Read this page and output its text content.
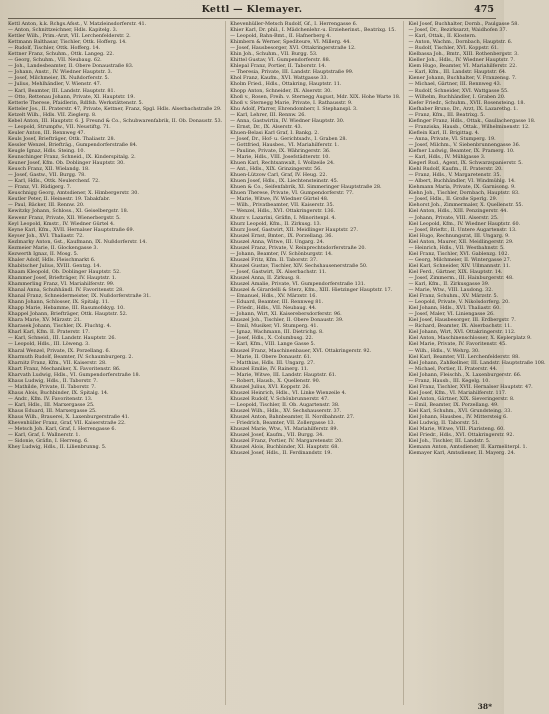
Kettl — Klemayer.	475
Kettl Anton, k.k. Rchgs.Afsst., V. Matzleinsdorferstr. 41.
— Anton, Schnittzeichner, Hdls. Kapitelg. 3.
Kettler Wilh., Prim.-Arzt, VII. Lerchenfelderstr. 2.
Kettmann Balthasar, Tischler, Ottk. Hofferg. 14.
— Rudolf, Tischler, Ottk. Hofferg. 14.
Kettner Franz, Schuhm., Ottk. Langeg. 22.
— Georg, Schuhm., VII. Neubaug. 62.
— Joh., Landesbeamter, II. Obere Donaustraße 83.
— Johann, Anstr., IV. Wiedner Hauptstr. 3.
— Josef, Milchmeier, IX. Nußdorferstr. 5.
— Julius, Mehlhändler, V. Wienstr. 47.
— Karl, Beamter, III. Landstr. Hauptstr. 81.
— Otto, Rettenau Johann, Private, XI. Hauptstr. 19.
Ketterle Therese, Pfaidlerin, Rdlfsh. Werkstättenstr. 5.
Ketteler Jos., II. Praterstr. 47, Private, Kettner, Franz, Spgl. Hdls. Alserbachstraße 29.
Ketzelt Wilh., Hdls. VII. Zieglerg. 8.
Kebel Anton, III. Hauptstr. 6. J. Freund & Co., Schubwarenfabrik, II. Ob. Donaustr. 53.
— Leopold, Strumpfw., VII. Neustiftg. 71.
Keuler Anton, III. Rennweg 47.
Keuls Josef, Briefträger, Ottk. Thaliastr. 28.
Kessler Wenzel, Briefträg., Gumpendorferstraße 84.
Keugle Ignaz, Hdls. Steing. 10.
Keunschinger Franz, Schneid., IX. Kinderspitalg. 2.
Keuner Josef, Kfm. Ob. Doblinger Hauptstr. 30.
Keusch Franz, XII. Wielandg. 18.
— Josef, Gastw., VII. Burgg. 78.
— Karl, Hdls., Ottk. Neulerchenf. 72.
— Franz, VI. Rüdigerg. 7.
Keuschnigg Georg, Amtsdiener, X. Himbergerstr. 30.
Keutler Peter, II. Heinestr. 19. Tabakfabr.
— Paul, Bäcker, III. Rennw. 20.
Kewitzky Johann, Schloss., XI. Geiselbergstr. 18.
Kewenr Franz, Private, XII. Wienerbergstr. 5.
Keyl Leopold, Kmstr., IV. Wiedner Gürtel 4.
Keyne Karl, Kfm., XVII. Hernalser Hauptstraße 69.
Keyser Joh., XVI. Thaliastr. 72.
Kezlmarky Anton, Gst., Kaufmann, IX. Nußdorferstr. 14.
Kezmeier Marie, II. Glockengasse 3.
Kezwerth Ignaz, II. Mosg. 5.
Khaler Adolf, Hdls. Fleischmarkt 6.
Khabitscher Julius, XVIII. Gentzg. 14.
Khaam Kleopold, Ob. Doblinger Hauptstr. 52.
Khammer Josef, Briefträger, IV. Hauptstr. 1.
Khammerling Franz, VI. Mariahilferstr. 99.
Khanal Anna, Schuhhändl. IV. Favoritenstr. 28.
Khanal Franz, Schneidermeister, IX. Nußdorferstraße 31.
Khann Johann, Schlosser, IX. Spitalg. 11.
Khapp Marie, Hebamme, III. Rasumofskyg. 10.
Khappel Johann, Briefträger, Ottk. Hauptstr. 52.
Khara Marie, XV. Märzstr. 21.
Kharasek Johann, Tischler, IX. Fluchtg. 4.
Kharl Karl, Kfm. II. Praterstr. 17.
— Karl, Schneid., III. Landstr. Hauptstr. 26.
— Leopold, Hdls., III. Löweng. 3.
Kharal Wenzel, Private, IX. Porzellang. 6.
Kharmuth Rudolf, Beamter, IV. Schaumburgerg. 2.
Kharnitz Franz, Kfm., VII. Kaiserstr. 28.
Khart Franz, Mechaniker, X. Favoritenstr. 86.
Kharvath Ludwig, Hdls., VI. Gumpendorferstraße 18.
Khaus Ludwig, Hdls., II. Taborstr. 7.
— Mathilde, Private, II. Taborstr. 7.
Khaus Alois, Buchbinder, IX. Spitalg. 14.
— Andr., Kfm. IV. Favoritenstr. 13.
— Karl, Hdls., III. Marxergasse 25.
Khaus Eduard, III. Marxergasse 25.
Khaus Wilh., Brauerei, X. Laxenburgerstraße 41.
Khevenhüller Franz, Graf, VII. Kaiserstraße 22.
— Metsch Joh. Karl, Graf, I. Herrengasse 6.
— Karl, Graf, I. Wallnerstr. 1.
— Sidonie, Gräfin, I. Herreng. 6.
Khey Ludwig, Hdls., II. Lilienbrunng. 5.
Khevenhüller-Metsch Rudolf, Gf., I. Herrengasse 6.
Khier Karl, Dr. phil., I. Mädchenlehr.-u. Erzieherinst., Beatrixg. 15.
— Leopold, Bahn-Bmt., II. Hafnerberg 4.
Khimbern & Werner, Spediteure, VI. Millerg. 44.
— Josef, Hausbesorger, XVI. Ottakringerstraße 12.
Khin Joh., Schuhm., VII. Burgg. 53.
Khittel Gustav, VI. Gumpendorferstr. 88.
Khlepal Franz, Portier, II. Taborstr. 14.
— Theresia, Private, III. Landstr. Hauptstraße 99.
Khol Franz, Kaufm., XVI. Wattgasse 33.
Kholm Fried., Hdls., Ottakring, Hauptstr. 11.
Khopp Anton, Schneider, IX. Alserstr. 30.
Khoß v., Rosen, Freih. v. Sternegg August, Mdr. XIX. Hohe Warte 18.
Khoß v. Sternegg Marie, Private, I. Rathausstr. 9.
Khu Adolf, Pfarrer, Ehrendomherr, I. Stephanspl. 3.
— Karl, Lehrer, III. Rennw. 26.
— Anna, Gastwirtin, IV. Wiedner Hauptstr. 30.
— Ernst, Dr., IX. Alserstr. 43.
Khuen-Belasi Karl Graf, I. Bankg. 2.
— Josef, Dr., Hof- u. Gerichtsadv., I. Graben 28.
— Gottfried, Hausbes., VI. Mariahilferstr. 1.
— Pauline, Private, IX. Währingerstr. 36.
— Marie, Hdls., VIII. Josefstädterstr. 10.
Khuen Karl, Rechtsanwalt, I. Wollzeile 24.
— Ant., Hdls., XIX. Grinzingerstr. 56.
Khuen-Lützow Carl, Graf, IV. Heug. 22.
Khuen Josef, Hdls., IX. Liechtensteinstr. 45.
Khuen & Co., Seifenfabrik, XI. Simmeringer Hauptstraße 28.
Khuen Therese, Private, VI. Gumpendorferstr. 77.
— Marie, Witwe, IV. Wiedner Gürtel 48.
— Wilh., Privatbeamter, VII. Kaiserstr. 35.
— Wenzel, Hdls., XVI. Ottakringerstr. 136.
Khurz v. Lazarini, Gräfin, I. Minoritenpl. 4.
Khurz Leopold, Kfm., II. Zirkusg. 13.
Khurz Josef, Gastwirt, XII. Meidlinger Hauptstr. 27.
Khuszel Ernst, Bmter., IX. Porzellang. 36.
Khuszel Anna, Witwe, III. Ungarg. 24.
Khuszel Franz, Private, V. Reinprechtsdorferstraße 20.
— Johann, Beamter, IV. Schönburgstr. 14.
Khuszel Fritz, Kfm. II. Taborstr. 37.
Khuszel Gustav, Tischler, XIV. Sechshausenerstraße 50.
— Josef, Gastwirt, IX. Alserbachstr. 11.
Khuszel Anna, II. Zirkusg. 8.
Khuszel Amalie, Private, VI. Gumpendorferstraße 131.
Khuszel & Girardelli & Sterz, Kfm., XIII. Hietzinger Hauptstr. 17.
— Emanuel, Hdls., XV. Märzstr. 16.
— Eduard, Beamter, III. Rennweg 81.
— Friedr., Hdls., VII. Neubaug. 44.
— Johann, Wirt, XI. Kaiserebersdorferstr. 96.
Khuszel Joh., Tischler, II. Obere Donaustr. 39.
— Emil, Musiker, VI. Stumperg. 41.
— Ignaz, Wachmann, III. Dietrichg. 8.
— Josef, Hdls., X. Columbusg. 22.
— Karl, Kfm., VIII. Lange Gasse 5.
Khuszel Franz, Maschinenbauer, XVI. Ottakringerstr. 92.
— Marie, II. Obere Donaustr. 61.
— Matthias, Hdls. III. Ungarg. 27.
Khuszel Emilie, IV. Rainerg. 11.
— Marie, Witwe, III. Landstr. Hauptstr. 61.
— Robert, Hausb., X. Quellenstr. 90.
Khuszel Julius, XVI. Koppstr. 26.
Khuszel Heinrich, Hdls., VI. Linke Wienzeile 4.
Khuszel Rudolf, V. Schönbrunnerstr. 47.
— Leopold, Tischler, II. Ob. Augartenstr. 38.
Khuszel Wilh., Hdls., XV. Sechshauserstr. 37.
Khuszel Anton, Bahnbeamter, II. Nordbahnstr. 27.
— Friedrich, Beamter, VII. Zollergasse 13.
Khuszel Marie, Wtw., VI. Mariahilferstr. 89.
Khuszel Josef, Kaufm., VII. Burgg. 34.
Khuszel Franz, Portier, IV. Margaretenstr. 20.
Khuszel Alois, Buchbinder, XI. Hauptstr. 68.
Khuszel Josef, Hdls., II. Ferdinandstr. 19.
Kiel Josef, Buchhalter, Dornb., Paulgasse 58.
— Josef, Dr., Bezirksarzt, Waidhofen 37.
— Karl, Ottak., II. Klostern.
— Anton, Wachm., Dornbach, Hauptstr. 6.
— Rudolf, Tischler, XVI. Koppstr. 61.
Kielbassa Joh., Bmtr., XIII. Rothenbergstr. 3.
Kieller Joh., Hdls., IV. Wiedner Hauptstr. 7.
Kiem Hugo, Beamter, VI. Mariahilferstr. 22.
— Karl, Kfm., III. Landstr. Hauptstr. 64.
Kiener Johann, Buchhalter, V. Franzensg. 7.
— Michael, Gärtner, III. Rennweg 43.
— Rudolf, Schneider, XVI. Wattgasse 55.
— Wilhelm, Buchhändler, I. Graben 20.
Kiefer Friedr., Schuhm., XVII. Rosensteing. 18.
Kiefhaber Bruno, Dr., Arzt, IX. Lazarethg. 1.
— Franz, Kfm., III. Beatrixg. 5.
Kiefinger Franz, Hdls., Ottak., Gaullachergasse 18.
— Franziska, Hausb., Ottak., Wilhelminenstr. 12.
Kieflein Karl, II. Brigittag. 4.
— Anna, Private, VI. Stumperg. 19.
— Josef, Milchm., V. Siebenbrunnengasse 36.
Kiefner Ludwig, Beamter, IX. Pramerg. 10.
— Karl, Hdls., IV. Mühlgasse 3.
Kiegerl Rud., Agent, IX. Schwarzspanierstr. 5.
Kiehl Rudolf, Kaufm., II. Praterstr. 20.
— Franz, Hdls., V. Margaretenstr. 35.
— Albert, Buchhändler, VI. Windmühlg. 14.
Kiehmann Maria, Private, IX. Garnisong. 9.
Kiehn Joh., Tischler, Dornbach, Hauptstr. 83.
— Josef, Hdls., II. Große Sperlg. 29.
Kiehorst Joh., Zimmermaler, X. Quellenstr. 55.
Kiel Anton, Hdls., XIII. Penzingerstr. 44.
— Johann, Private, VIII. Alserstr. 25.
Kiel Leopold, Kfm., IV. Wiedner Hauptstr. 60.
— Josef, Brieftr., II. Untere Augartenstr. 13.
Kiel Hugo, Rechnungsrat, III. Ungarg. 9.
Kiel Anton, Maurer, XII. Meidlingerstr. 29.
— Heinrich, Hdls., VII. Westbahnstr. 5.
Kiel Franz, Tischler, XVI. Gablenzg. 102.
— Georg, Milchmeier, II. Wintergasse 27.
Kiel Karl, Schneider, XIV. Ullmannstr. 11.
Kiel Ferd., Gärtner, XIX. Hauptstr. 14.
— Josef, Zimmerm., III. Hainburgerstr. 48.
— Karl, Kfm., II. Zirkusgasse 39.
— Marie, Wtw., VIII. Laudong. 32.
Kiel Franz, Schuhm., XV. Märzstr. 5.
— Leopold, Private, V. Nikolsdorferg. 20.
Kiel Johann, Hdls., XVI. Thaliastr. 60.
— Josef, Maler, VI. Liniengasse 26.
Kiel Josef, Hausbesorger, III. Erdbergstr. 7.
— Richard, Beamter, IX. Alserbachstr. 11.
Kiel Johann, Wirt, XVI. Ottakringerstr. 112.
Kiel Anton, Maschinenschlosser, X. Keplerplatz 9.
Kiel Marie, Private, IV. Favoritenstr. 45.
— Wilh., Hdls., V. Wehrg. 30.
Kiel Karl, Beamter, VII. Lerchenfelderstr. 88.
Kiel Johann, Zahlkellner, III. Landstr. Hauptstraße 108.
— Michael, Portier, II. Praterstr. 44.
Kiel Johann, Fleischh., X. Laxenburgerstr. 66.
— Franz, Hausb., III. Kegelg. 10.
Kiel Franz, Tischler, XVII. Hernalser Hauptstr. 47.
Kiel Josef, Kfm., VI. Mariahilferstr. 117.
Kiel Anton, Gärtner, XIX. Sieveringerstr. 8.
— Emil, Beamter, IX. Porzellang. 49.
Kiel Karl, Schuhm., XVI. Grundsteing. 33.
Kiel Johann, Hausbes., IV. Mittersteig 6.
Kiel Ludwig, II. Taborstr. 51.
Kiel Marie, Witwe, VIII. Piaristeng. 60.
Kiel Friedr., Hdls., XVI. Ottakringerstr. 92.
Kiel Joh., Tischler, III. Landstr. 5.
Kiemann Anton, Amtsdiener, II. Karmeliterpl. 1.
Kiemayer Karl, Amtsdiener, II. Mayerg. 24.
38*
